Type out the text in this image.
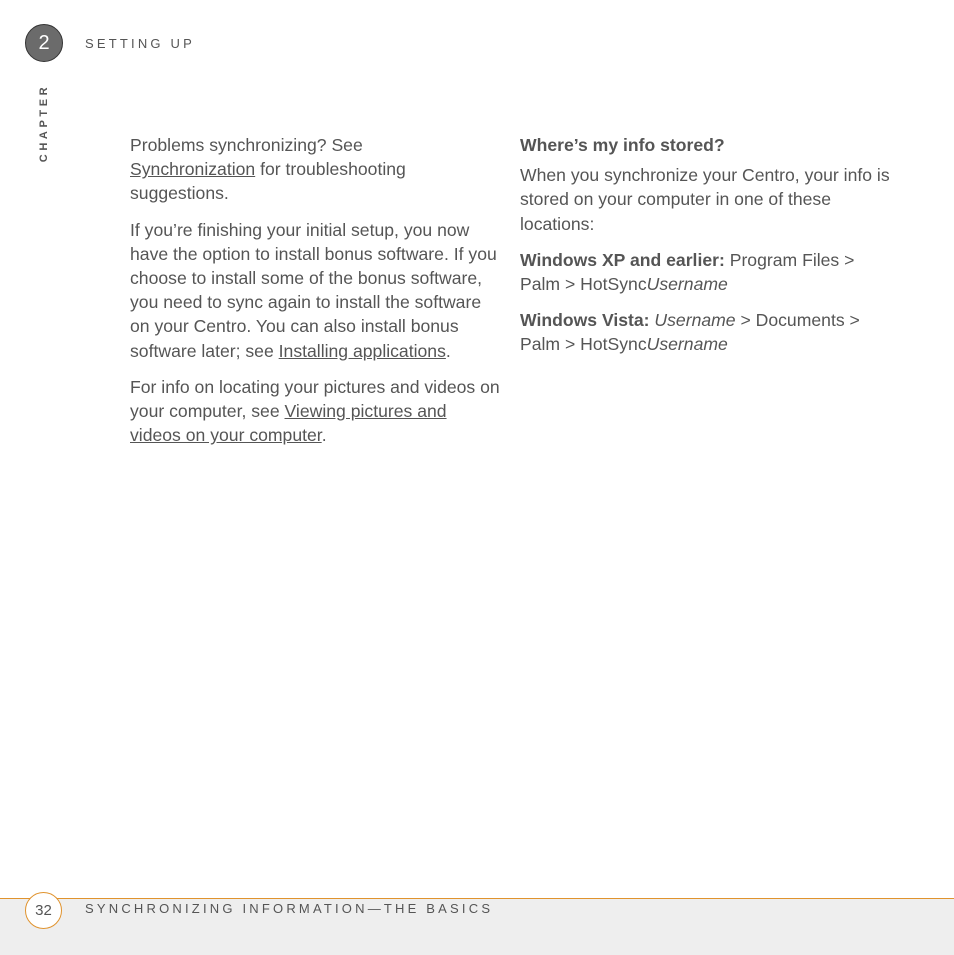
2	SETTING UP
CHAPTER	Problems synchronizing? See
Synchronization for troubleshooting suggestions.

If you’re finishing your initial setup, you now have the option to install bonus software. If you choose to install some of the bonus software, you need to sync again to install the software on your Centro. You can also install bonus software later; see Installing applications.

For info on locating your pictures and videos on your computer, see Viewing pictures and videos on your computer.

Where’s my info stored?

When you synchronize your Centro, your info is stored on your computer in one of these locations:

Windows XP and earlier: Program Files > Palm > HotSyncUsername

Windows Vista: Username > Documents > Palm > HotSyncUsername

32	SYNCHRONIZING INFORMATION—THE BASICS
